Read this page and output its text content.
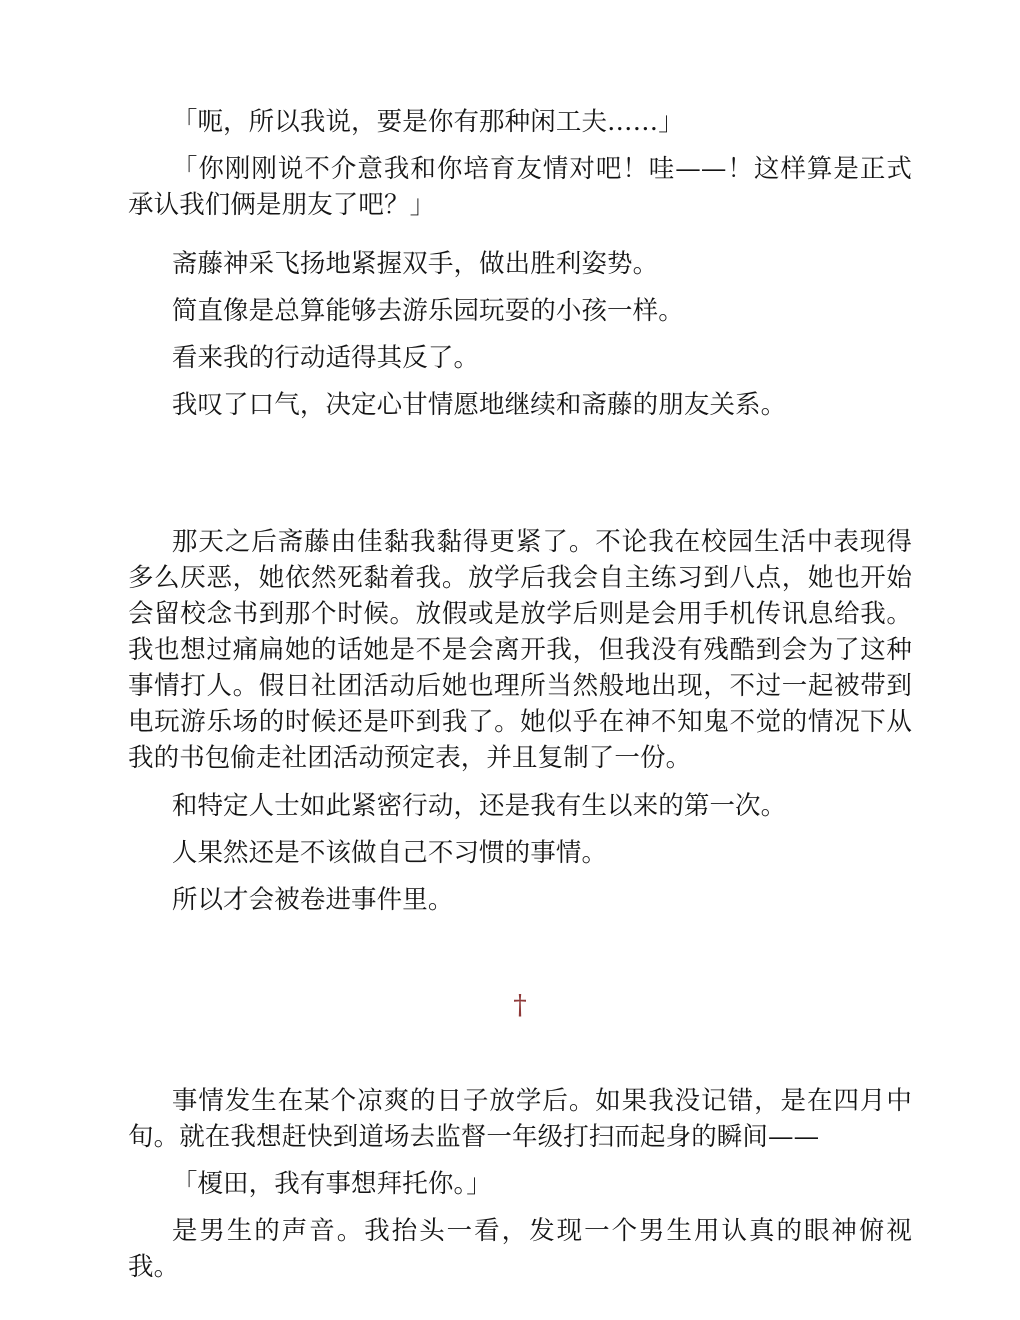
「呃，所以我说，要是你有那种闲工夫……」

「你刚刚说不介意我和你培育友情对吧！哇——！这样算是正式承认我们俩是朋友了吧？」

斋藤神采飞扬地紧握双手，做出胜利姿势。

简直像是总算能够去游乐园玩耍的小孩一样。

看来我的行动适得其反了。

我叹了口气，决定心甘情愿地继续和斋藤的朋友关系。

那天之后斋藤由佳黏我黏得更紧了。不论我在校园生活中表现得多么厌恶，她依然死黏着我。放学后我会自主练习到八点，她也开始会留校念书到那个时候。放假或是放学后则是会用手机传讯息给我。我也想过痛扁她的话她是不是会离开我，但我没有残酷到会为了这种事情打人。假日社团活动后她也理所当然般地出现，不过一起被带到电玩游乐场的时候还是吓到我了。她似乎在神不知鬼不觉的情况下从我的书包偷走社团活动预定表，并且复制了一份。

和特定人士如此紧密行动，还是我有生以来的第一次。

人果然还是不该做自己不习惯的事情。

所以才会被卷进事件里。

†

事情发生在某个凉爽的日子放学后。如果我没记错，是在四月中旬。就在我想赶快到道场去监督一年级打扫而起身的瞬间——

「榎田，我有事想拜托你。」

是男生的声音。我抬头一看，发现一个男生用认真的眼神俯视我。
